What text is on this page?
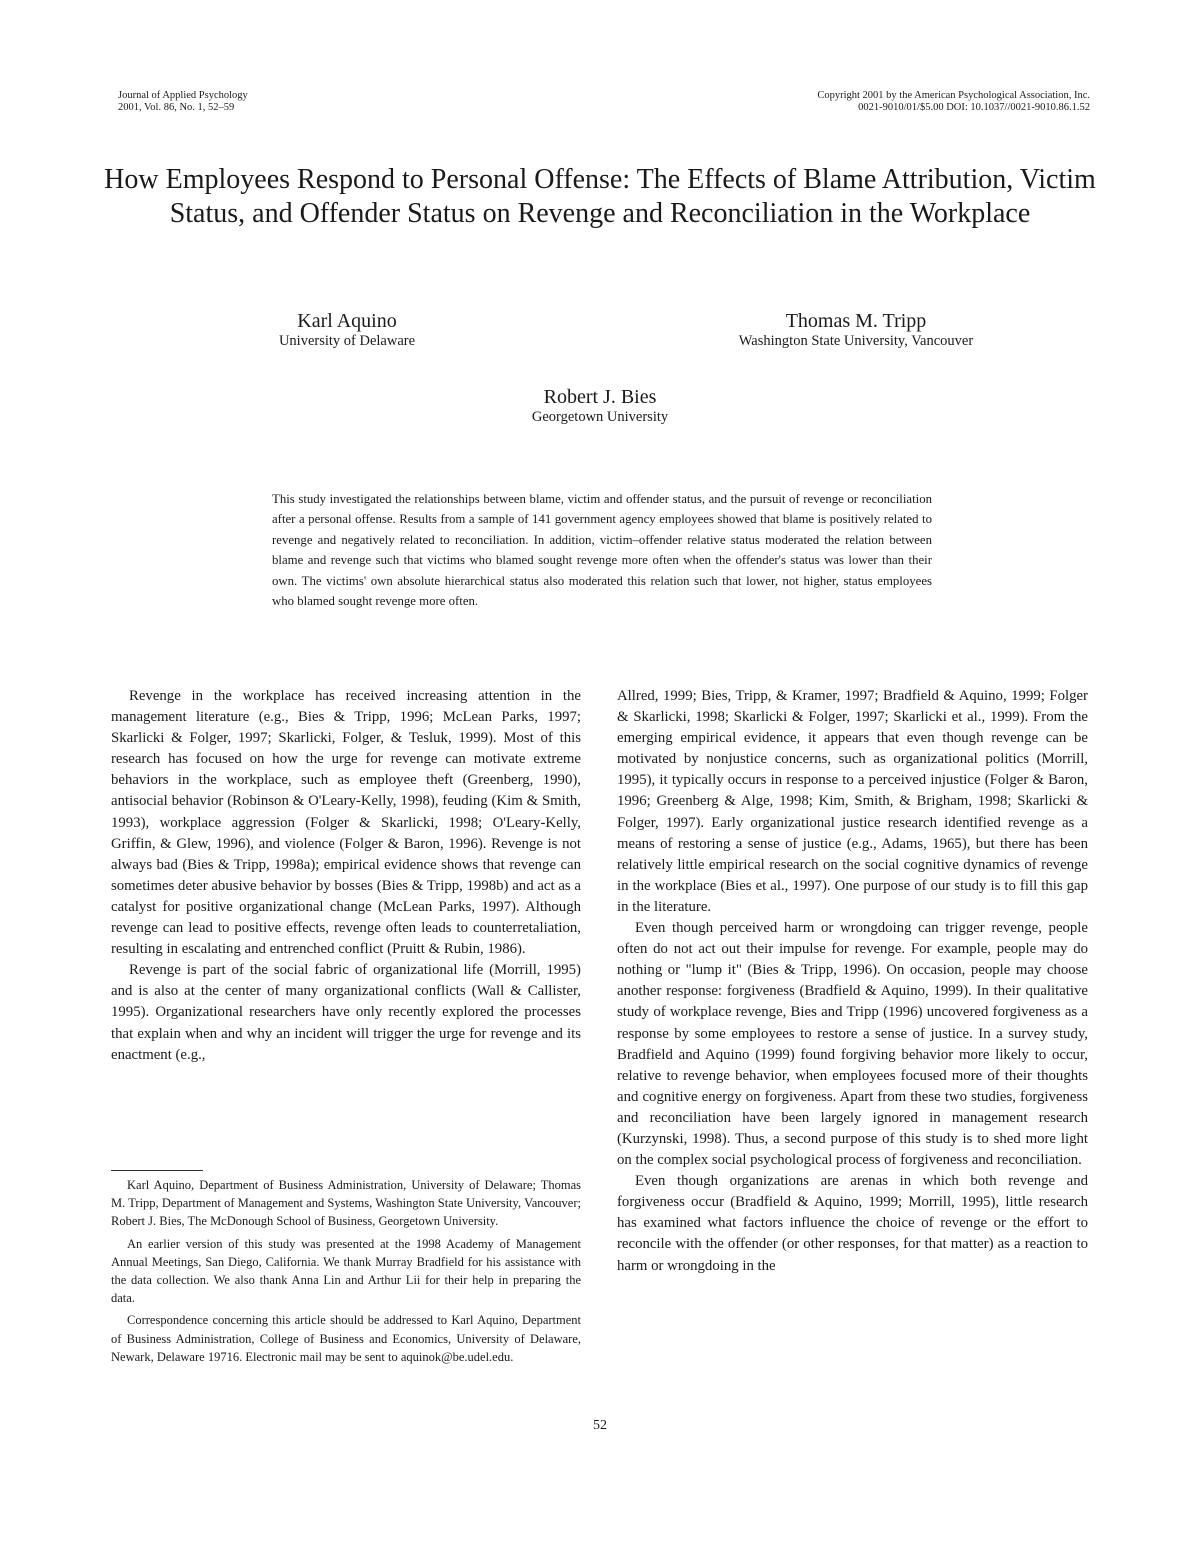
Journal of Applied Psychology
2001, Vol. 86, No. 1, 52–59
Copyright 2001 by the American Psychological Association, Inc.
0021-9010/01/$5.00 DOI: 10.1037//0021-9010.86.1.52
How Employees Respond to Personal Offense: The Effects of Blame Attribution, Victim Status, and Offender Status on Revenge and Reconciliation in the Workplace
Karl Aquino
University of Delaware
Thomas M. Tripp
Washington State University, Vancouver
Robert J. Bies
Georgetown University

This study investigated the relationships between blame, victim and offender status, and the pursuit of revenge or reconciliation after a personal offense. Results from a sample of 141 government agency employees showed that blame is positively related to revenge and negatively related to reconciliation. In addition, victim–offender relative status moderated the relation between blame and revenge such that victims who blamed sought revenge more often when the offender's status was lower than their own. The victims' own absolute hierarchical status also moderated this relation such that lower, not higher, status employees who blamed sought revenge more often.

Revenge in the workplace has received increasing attention in the management literature (e.g., Bies & Tripp, 1996; McLean Parks, 1997; Skarlicki & Folger, 1997; Skarlicki, Folger, & Tesluk, 1999). Most of this research has focused on how the urge for revenge can motivate extreme behaviors in the workplace, such as employee theft (Greenberg, 1990), antisocial behavior (Robinson & O'Leary-Kelly, 1998), feuding (Kim & Smith, 1993), workplace aggression (Folger & Skarlicki, 1998; O'Leary-Kelly, Griffin, & Glew, 1996), and violence (Folger & Baron, 1996). Revenge is not always bad (Bies & Tripp, 1998a); empirical evidence shows that revenge can sometimes deter abusive behavior by bosses (Bies & Tripp, 1998b) and act as a catalyst for positive organizational change (McLean Parks, 1997). Although revenge can lead to positive effects, revenge often leads to counterretaliation, resulting in escalating and entrenched conflict (Pruitt & Rubin, 1986).

Revenge is part of the social fabric of organizational life (Morrill, 1995) and is also at the center of many organizational conflicts (Wall & Callister, 1995). Organizational researchers have only recently explored the processes that explain when and why an incident will trigger the urge for revenge and its enactment (e.g.,

Karl Aquino, Department of Business Administration, University of Delaware; Thomas M. Tripp, Department of Management and Systems, Washington State University, Vancouver; Robert J. Bies, The McDonough School of Business, Georgetown University.

An earlier version of this study was presented at the 1998 Academy of Management Annual Meetings, San Diego, California. We thank Murray Bradfield for his assistance with the data collection. We also thank Anna Lin and Arthur Lii for their help in preparing the data.

Correspondence concerning this article should be addressed to Karl Aquino, Department of Business Administration, College of Business and Economics, University of Delaware, Newark, Delaware 19716. Electronic mail may be sent to aquinok@be.udel.edu.

Allred, 1999; Bies, Tripp, & Kramer, 1997; Bradfield & Aquino, 1999; Folger & Skarlicki, 1998; Skarlicki & Folger, 1997; Skarlicki et al., 1999). From the emerging empirical evidence, it appears that even though revenge can be motivated by nonjustice concerns, such as organizational politics (Morrill, 1995), it typically occurs in response to a perceived injustice (Folger & Baron, 1996; Greenberg & Alge, 1998; Kim, Smith, & Brigham, 1998; Skarlicki & Folger, 1997). Early organizational justice research identified revenge as a means of restoring a sense of justice (e.g., Adams, 1965), but there has been relatively little empirical research on the social cognitive dynamics of revenge in the workplace (Bies et al., 1997). One purpose of our study is to fill this gap in the literature.

Even though perceived harm or wrongdoing can trigger revenge, people often do not act out their impulse for revenge. For example, people may do nothing or "lump it" (Bies & Tripp, 1996). On occasion, people may choose another response: forgiveness (Bradfield & Aquino, 1999). In their qualitative study of workplace revenge, Bies and Tripp (1996) uncovered forgiveness as a response by some employees to restore a sense of justice. In a survey study, Bradfield and Aquino (1999) found forgiving behavior more likely to occur, relative to revenge behavior, when employees focused more of their thoughts and cognitive energy on forgiveness. Apart from these two studies, forgiveness and reconciliation have been largely ignored in management research (Kurzynski, 1998). Thus, a second purpose of this study is to shed more light on the complex social psychological process of forgiveness and reconciliation.

Even though organizations are arenas in which both revenge and forgiveness occur (Bradfield & Aquino, 1999; Morrill, 1995), little research has examined what factors influence the choice of revenge or the effort to reconcile with the offender (or other responses, for that matter) as a reaction to harm or wrongdoing in the

52
